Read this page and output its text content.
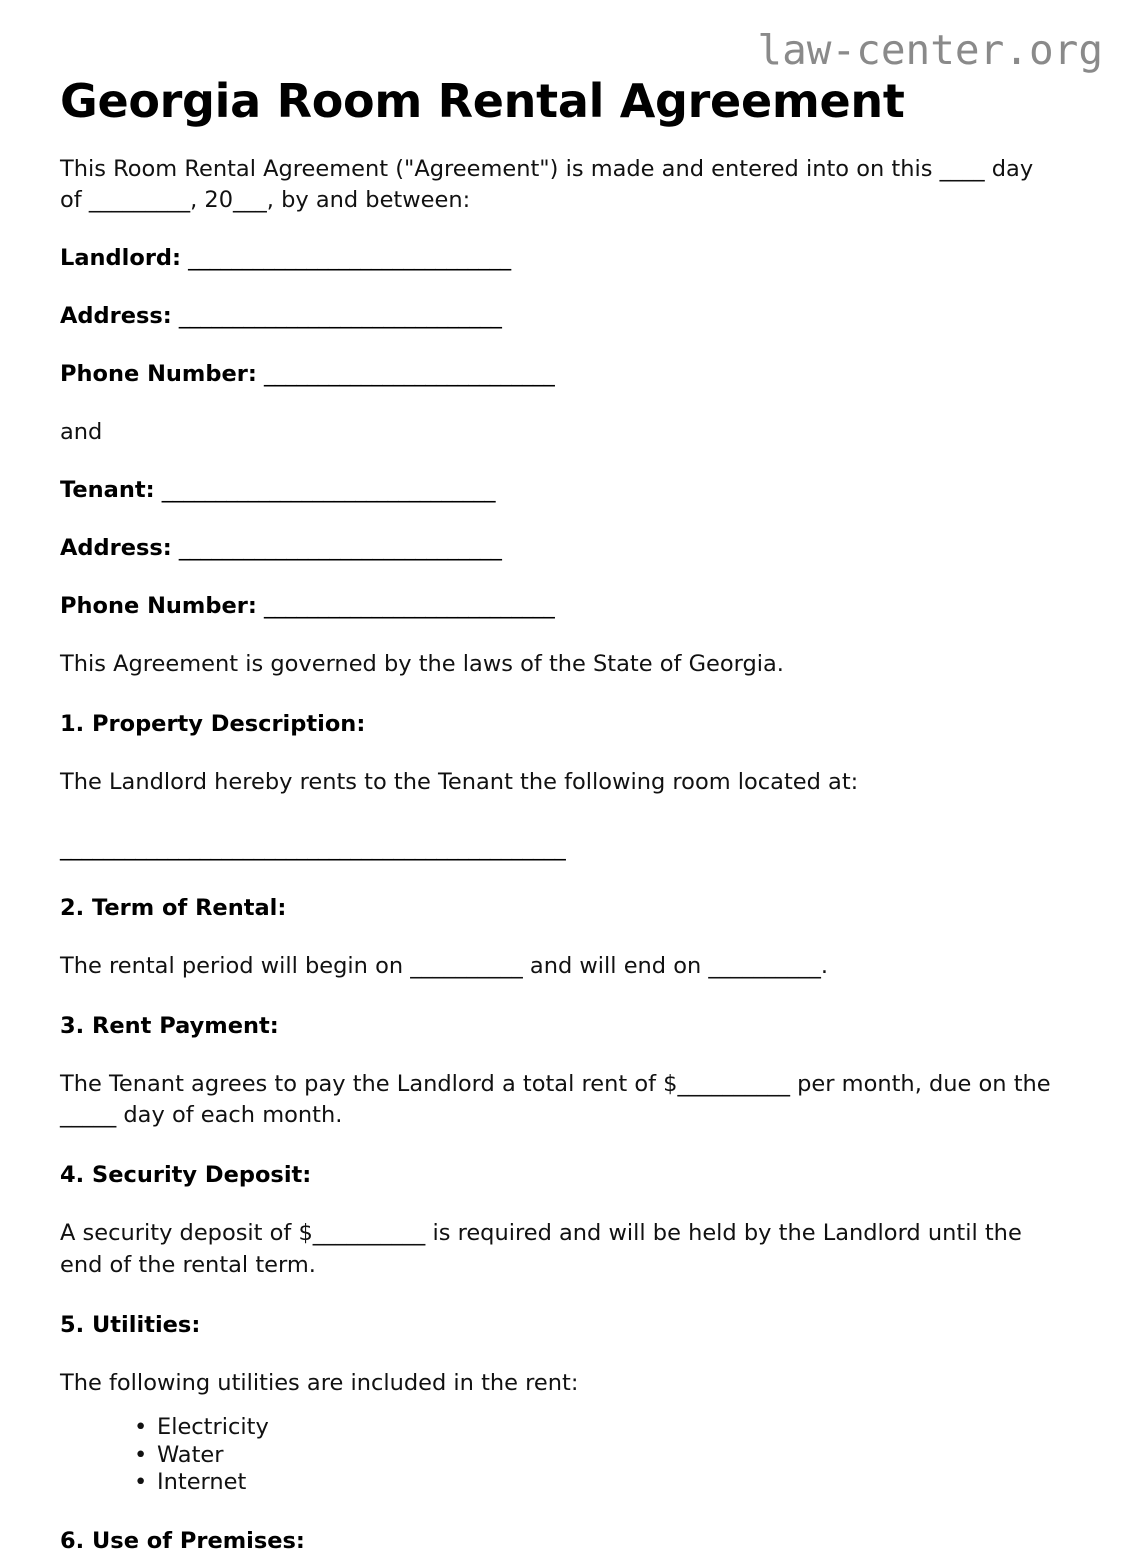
law-center.org
Georgia Room Rental Agreement

This Room Rental Agreement ("Agreement") is made and entered into on this ____ day of _________, 20___, by and between:

Landlord: ______________________________

Address: ______________________________

Phone Number: ___________________________

and

Tenant: _______________________________

Address: ______________________________

Phone Number: ___________________________

This Agreement is governed by the laws of the State of Georgia.

1. Property Description:

The Landlord hereby rents to the Tenant the following room located at:

_______________________________________________

2. Term of Rental:

The rental period will begin on __________ and will end on __________.

3. Rent Payment:

The Tenant agrees to pay the Landlord a total rent of $__________ per month, due on the _____ day of each month.

4. Security Deposit:

A security deposit of $__________ is required and will be held by the Landlord until the end of the rental term.

5. Utilities:

The following utilities are included in the rent:

• Electricity
• Water
• Internet
6. Use of Premises:
